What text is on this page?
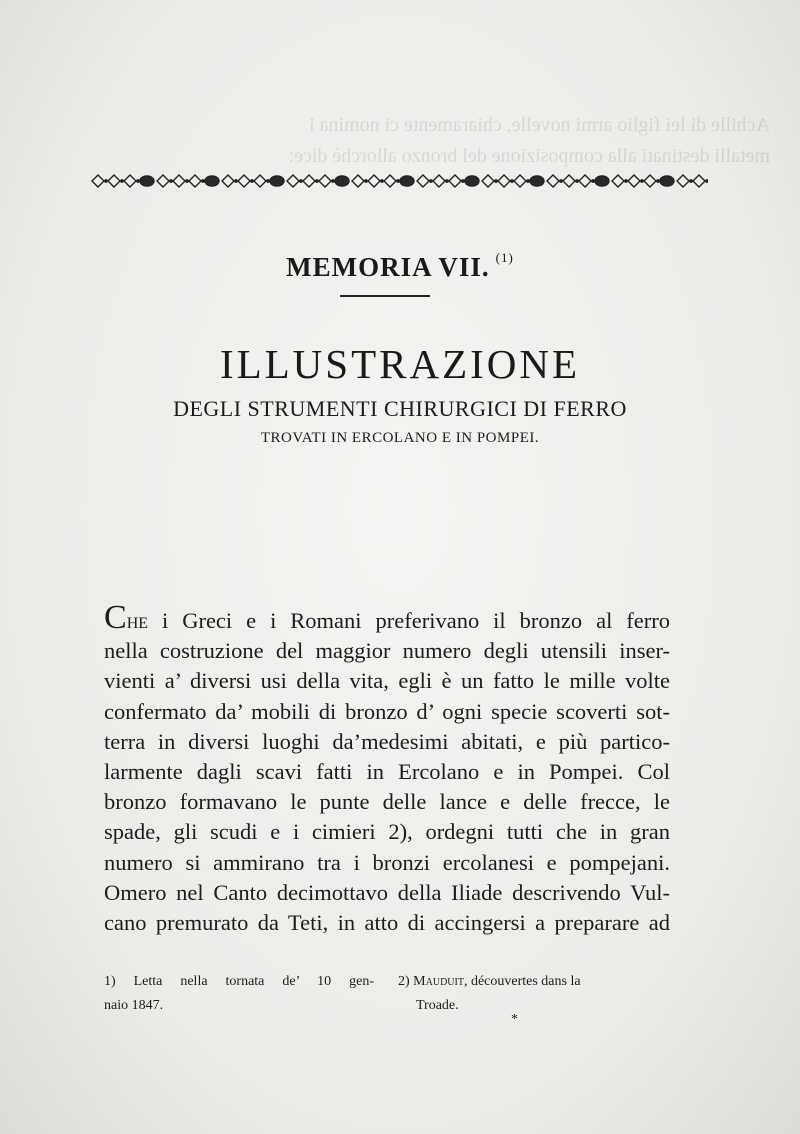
Achille di lei figlio armi novelle, chiaramente ci nomina i
metalli destinati alla composizione del bronzo allorchè dice:
MEMORIA VII. $^{(1)}$
ILLUSTRAZIONE
DEGLI STRUMENTI CHIRURGICI DI FERRO
TROVATI IN ERCOLANO E IN POMPEI.
Che i Greci e i Romani preferivano il bronzo al ferro
nella costruzione del maggior numero degli utensili inser-
vienti a’ diversi usi della vita, egli è un fatto le mille volte
confermato da’ mobili di bronzo d’ ogni specie scoverti sot-
terra in diversi luoghi da’medesimi abitati, e più partico-
larmente dagli scavi fatti in Ercolano e in Pompei. Col
bronzo formavano le punte delle lance e delle frecce, le
spade, gli scudi e i cimieri 2), ordegni tutti che in gran
numero si ammirano tra i bronzi ercolanesi e pompejani.
Omero nel Canto decimottavo della Iliade descrivendo Vul-
cano premurato da Teti, in atto di accingersi a preparare ad
1) Letta nella tornata de’ 10 gen-
naio 1847.
2) Mauduit, découvertes dans la
Troade.
*
